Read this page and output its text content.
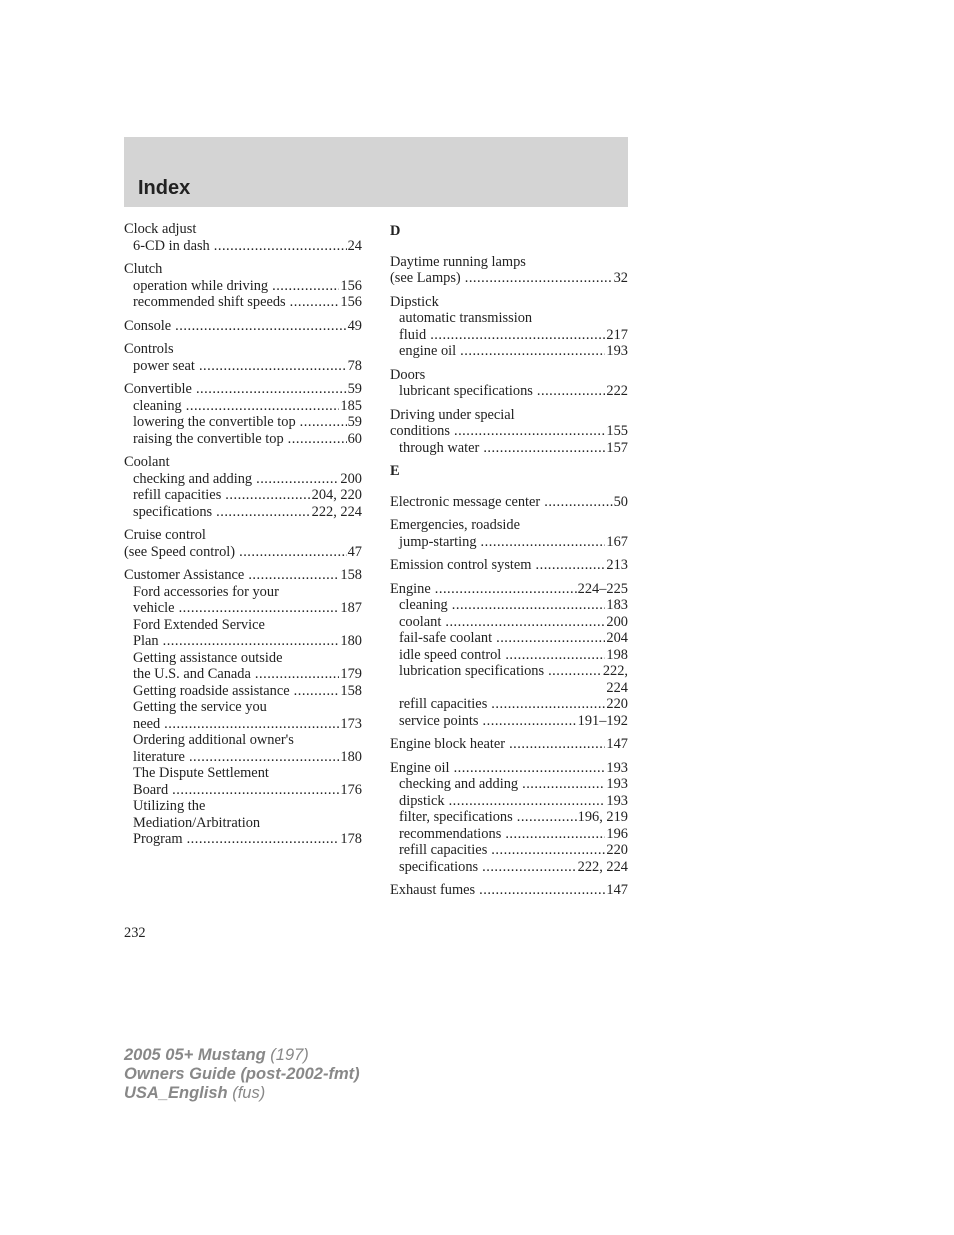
Index
Clock adjust
6-CD in dash .....	24
Clutch
operation while driving .....	156
recommended shift speeds .....	156
Console .....	49
Controls
power seat .....	78
Convertible .....	59
cleaning .....	185
lowering the convertible top .....	59
raising the convertible top .....	60
Coolant
checking and adding .....	200
refill capacities .....	204, 220
specifications .....	222, 224
Cruise control
(see Speed control) .....	47
Customer Assistance .....	158
Ford accessories for your
vehicle .....	187
Ford Extended Service
Plan .....	180
Getting assistance outside
the U.S. and Canada .....	179
Getting roadside assistance .....	158
Getting the service you
need .....	173
Ordering additional owner's
literature .....	180
The Dispute Settlement
Board .....	176
Utilizing the
Mediation/Arbitration
Program .....	178
D
Daytime running lamps
(see Lamps) .....	32
Dipstick
automatic transmission
fluid .....	217
engine oil .....	193
Doors
lubricant specifications .....	222
Driving under special
conditions .....	155
through water .....	157
E
Electronic message center .....	50
Emergencies, roadside
jump-starting .....	167
Emission control system .....	213
Engine .....	224–225
cleaning .....	183
coolant .....	200
fail-safe coolant .....	204
idle speed control .....	198
lubrication specifications .....	222,
224
refill capacities .....	220
service points .....	191–192
Engine block heater .....	147
Engine oil .....	193
checking and adding .....	193
dipstick .....	193
filter, specifications .....	196, 219
recommendations .....	196
refill capacities .....	220
specifications .....	222, 224
Exhaust fumes .....	147
232
2005 05+ Mustang (197)
Owners Guide (post-2002-fmt)
USA_English (fus)
